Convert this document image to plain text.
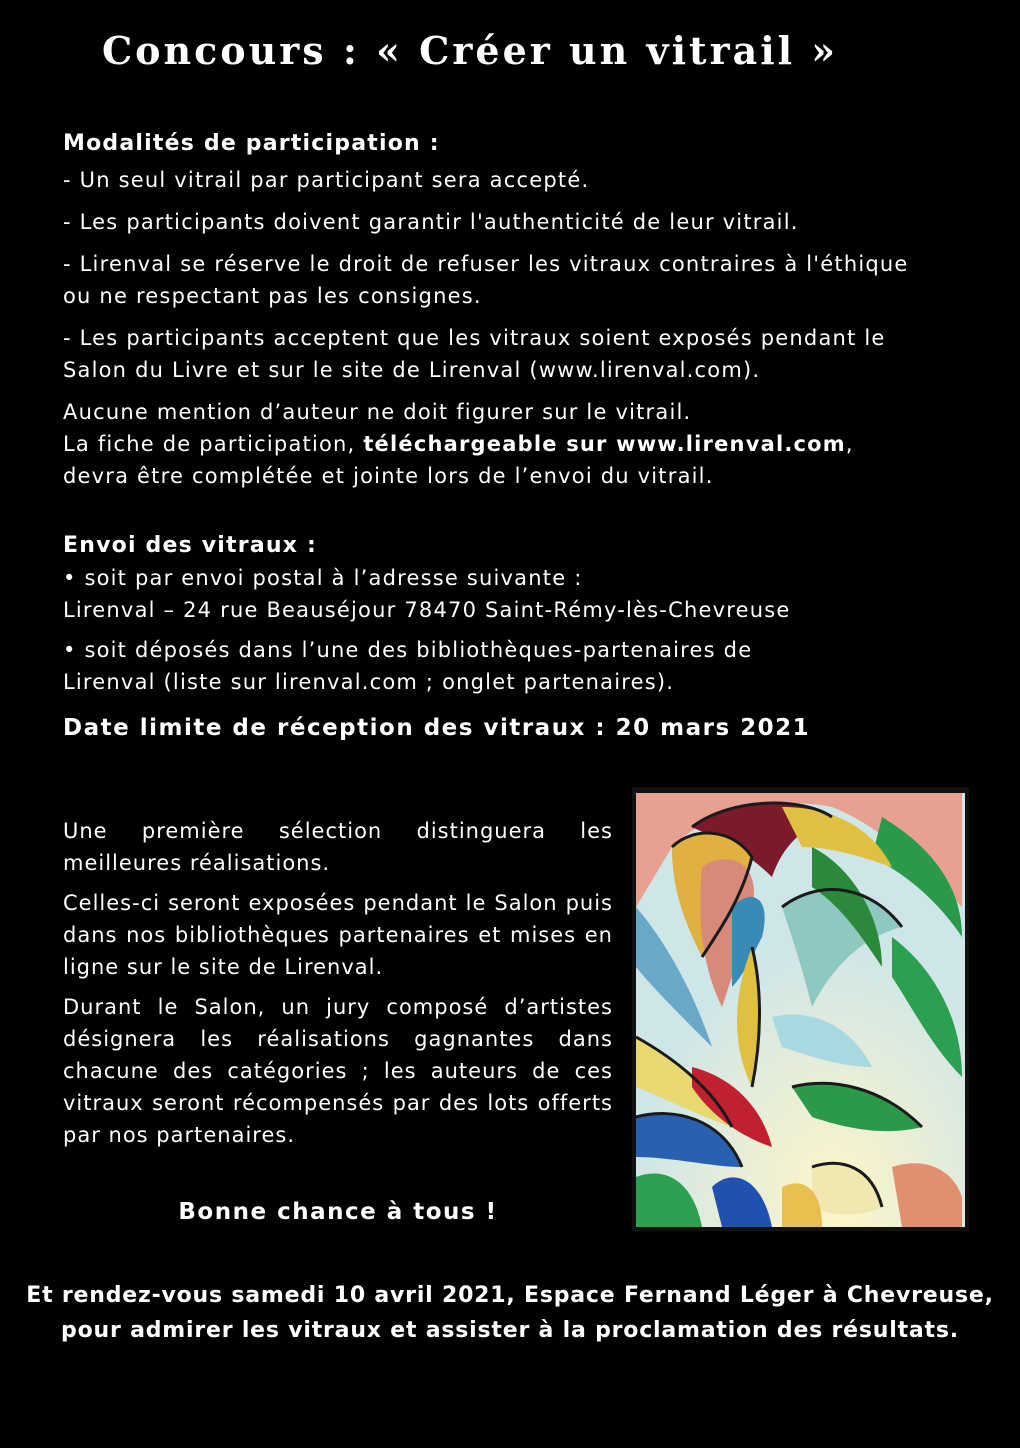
Concours : « Créer un vitrail »

Modalités de participation :

- Un seul vitrail par participant sera accepté.

- Les participants doivent garantir l'authenticité de leur vitrail.

- Lirenval se réserve le droit de refuser les vitraux contraires à l'éthique ou ne respectant pas les consignes.

- Les participants acceptent que les vitraux soient exposés pendant le Salon du Livre et sur le site de Lirenval (www.lirenval.com).

Aucune mention d’auteur ne doit figurer sur le vitrail.

La fiche de participation, téléchargeable sur www.lirenval.com,

devra être complétée et jointe lors de l’envoi du vitrail.

Envoi des vitraux :

• soit par envoi postal à l’adresse suivante :

Lirenval – 24 rue Beauséjour 78470 Saint-Rémy-lès-Chevreuse

• soit déposés dans l’une des bibliothèques-partenaires de Lirenval (liste sur lirenval.com ; onglet partenaires).

Date limite de réception des vitraux : 20 mars 2021

Une première sélection distinguera les meilleures réalisations.

Celles-ci seront exposées pendant le Salon puis dans nos bibliothèques partenaires et mises en ligne sur le site de Lirenval.

Durant le Salon, un jury composé d’artistes désignera les réalisations gagnantes dans chacune des catégories ; les auteurs de ces vitraux seront récompensés par des lots offerts par nos partenaires.

Bonne chance à tous !
Et rendez-vous samedi 10 avril 2021, Espace Fernand Léger à Chevreuse,
pour admirer les vitraux et assister à la proclamation des résultats.
